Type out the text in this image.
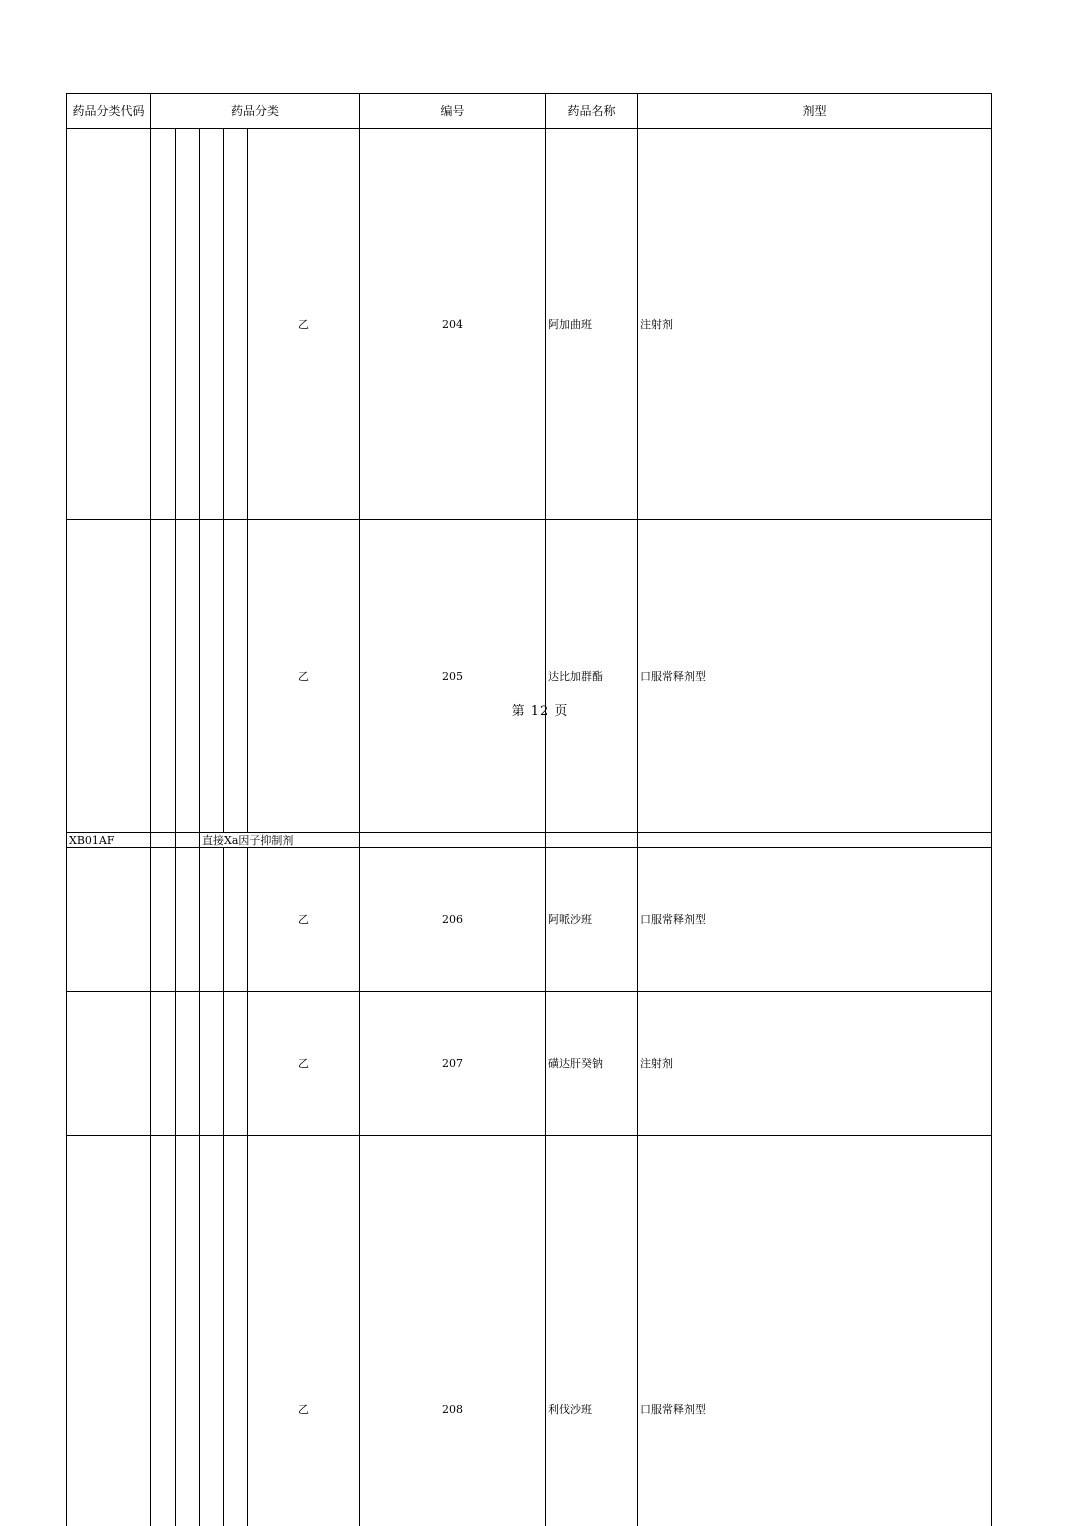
药品分类代码	药品分类					编号	药品名称	剂型	
					乙	204	阿加曲班	注射剂	
					乙	205	达比加群酯	口服常释剂型	
XB01AF			直接Xa因子抑制剂						
					乙	206	阿哌沙班	口服常释剂型	
					乙	207	磺达肝癸钠	注射剂	
					乙	208	利伐沙班	口服常释剂型	

第 12 页
